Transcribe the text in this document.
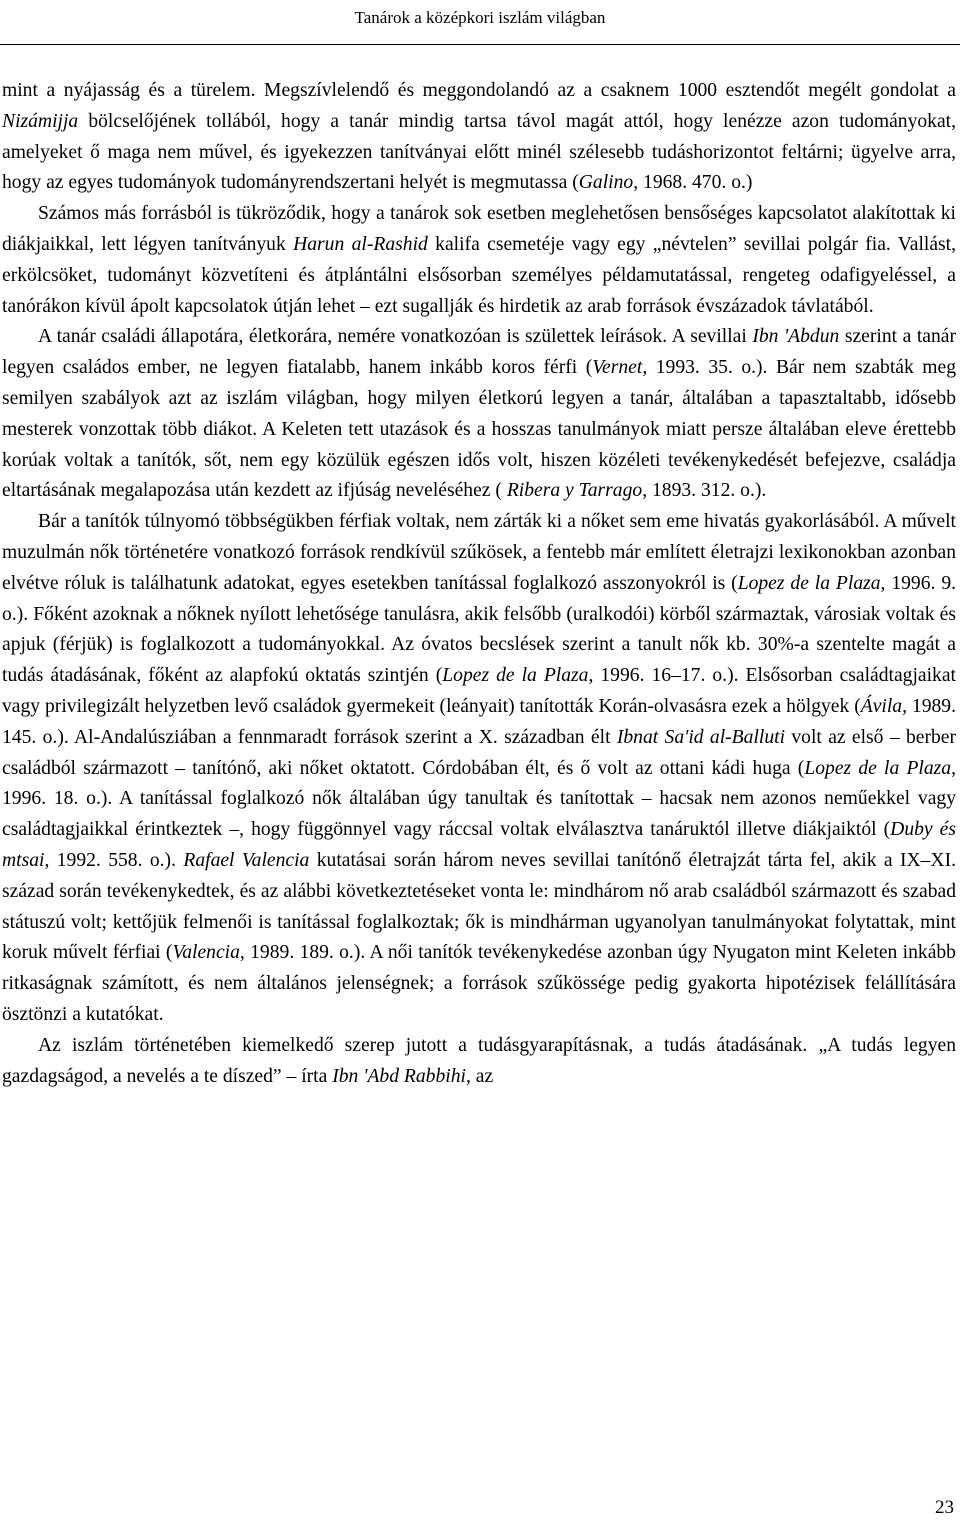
Tanárok a középkori iszlám világban

mint a nyájasság és a türelem. Megszívlelendő és meggondolandó az a csaknem 1000 esztendőt megélt gondolat a Nizámijja bölcselőjének tollából, hogy a tanár mindig tartsa távol magát attól, hogy lenézze azon tudományokat, amelyeket ő maga nem művel, és igyekezzen tanítványai előtt minél szélesebb tudáshorizontot feltárni; ügyelve arra, hogy az egyes tudományok tudományrendszertani helyét is megmutassa (Galino, 1968. 470. o.)

Számos más forrásból is tükröződik, hogy a tanárok sok esetben meglehetősen bensőséges kapcsolatot alakítottak ki diákjaikkal, lett légyen tanítványuk Harun al-Rashid kalifa csemetéje vagy egy „névtelen” sevillai polgár fia. Vallást, erkölcsöket, tudományt közvetíteni és átplántálni elsősorban személyes példamutatással, rengeteg odafigyeléssel, a tanórákon kívül ápolt kapcsolatok útján lehet – ezt sugallják és hirdetik az arab források évszázadok távlatából.

A tanár családi állapotára, életkorára, nemére vonatkozóan is születtek leírások. A sevillai Ibn 'Abdun szerint a tanár legyen családos ember, ne legyen fiatalabb, hanem inkább koros férfi (Vernet, 1993. 35. o.). Bár nem szabták meg semilyen szabályok azt az iszlám világban, hogy milyen életkorú legyen a tanár, általában a tapasztaltabb, idősebb mesterek vonzottak több diákot. A Keleten tett utazások és a hosszas tanulmányok miatt persze általában eleve érettebb korúak voltak a tanítók, sőt, nem egy közülük egészen idős volt, hiszen közéleti tevékenykedését befejezve, családja eltartásának megalapozása után kezdett az ifjúság neveléséhez ( Ribera y Tarrago, 1893. 312. o.).

Bár a tanítók túlnyomó többségükben férfiak voltak, nem zárták ki a nőket sem eme hivatás gyakorlásából. A művelt muzulmán nők történetére vonatkozó források rendkívül szűkösek, a fentebb már említett életrajzi lexikonokban azonban elvétve róluk is találhatunk adatokat, egyes esetekben tanítással foglalkozó asszonyokról is (Lopez de la Plaza, 1996. 9. o.). Főként azoknak a nőknek nyílott lehetősége tanulásra, akik felsőbb (uralkodói) körből származtak, városiak voltak és apjuk (férjük) is foglalkozott a tudományokkal. Az óvatos becslések szerint a tanult nők kb. 30%-a szentelte magát a tudás átadásának, főként az alapfokú oktatás szintjén (Lopez de la Plaza, 1996. 16–17. o.). Elsősorban családtagjaikat vagy privilegizált helyzetben levő családok gyermekeit (leányait) tanították Korán-olvasásra ezek a hölgyek (Ávila, 1989. 145. o.). Al-Andalúsziában a fennmaradt források szerint a X. században élt Ibnat Sa'id al-Balluti volt az első – berber családból származott – tanítónő, aki nőket oktatott. Córdobában élt, és ő volt az ottani kádi huga (Lopez de la Plaza, 1996. 18. o.). A tanítással foglalkozó nők általában úgy tanultak és tanítottak – hacsak nem azonos neműekkel vagy családtagjaikkal érintkeztek –, hogy függönnyel vagy ráccsal voltak elválasztva tanáruktól illetve diákjaiktól (Duby és mtsai, 1992. 558. o.). Rafael Valencia kutatásai során három neves sevillai tanítónő életrajzát tárta fel, akik a IX–XI. század során tevékenykedtek, és az alábbi következtetéseket vonta le: mindhárom nő arab családból származott és szabad státuszú volt; kettőjük felmenői is tanítással foglalkoztak; ők is mindhárman ugyanolyan tanulmányokat folytattak, mint koruk művelt férfiai (Valencia, 1989. 189. o.). A női tanítók tevékenykedése azonban úgy Nyugaton mint Keleten inkább ritkaságnak számított, és nem általános jelenségnek; a források szűkössége pedig gyakorta hipotézisek felállítására ösztönzi a kutatókat.

Az iszlám történetében kiemelkedő szerep jutott a tudásgyarapításnak, a tudás átadásának. „A tudás legyen gazdagságod, a nevelés a te díszed” – írta Ibn 'Abd Rabbihi, az

23
